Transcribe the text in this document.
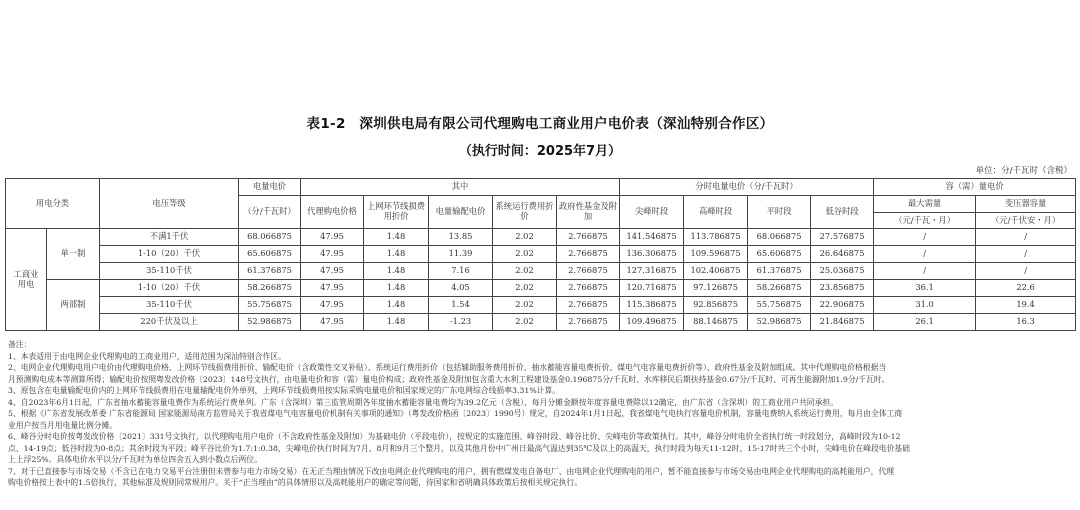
表1-2　深圳供电局有限公司代理购电工商业用户电价表（深汕特别合作区）
（执行时间：2025年7月）
单位：分/千瓦时（含税）
用电分类		电压等级	电量电价	其中					分时电量电价（分/千瓦时）				容（需）量电价	
			（分/千瓦时）	代理购电价格	上网环节线损费用折价	电量输配电价	系统运行费用折价	政府性基金及附加	尖峰时段	高峰时段	平时段	低谷时段	最大需量	变压器容量
													（元/千瓦・月）	（元/千伏安・月）
工商业用电	单一制	不满1千伏	68.066875	47.95	1.48	13.85	2.02	2.766875	141.546875	113.786875	68.066875	27.576875	/	/
		1-10（20）千伏	65.606875	47.95	1.48	11.39	2.02	2.766875	136.306875	109.596875	65.606875	26.646875	/	/
		35-110千伏	61.376875	47.95	1.48	7.16	2.02	2.766875	127.316875	102.406875	61.376875	25.036875	/	/
	两部制	1-10（20）千伏	58.266875	47.95	1.48	4.05	2.02	2.766875	120.716875	97.126875	58.266875	23.856875	36.1	22.6
		35-110千伏	55.756875	47.95	1.48	1.54	2.02	2.766875	115.386875	92.856875	55.756875	22.906875	31.0	19.4
		220千伏及以上	52.986875	47.95	1.48	-1.23	2.02	2.766875	109.496875	88.146875	52.986875	21.846875	26.1	16.3
备注：
1、本表适用于由电网企业代理购电的工商业用户，适用范围为深汕特别合作区。
2、电网企业代理购电用户电价由代理购电价格、上网环节线损费用折价、输配电价（含政策性交叉补贴）、系统运行费用折价（包括辅助服务费用折价、抽水蓄能容量电费折价、煤电气电容量电费折价等）、政府性基金及附加组成。其中代理购电价格根据当
月预测购电成本等测算所得；输配电价按照粤发改价格〔2023〕148号文执行，由电量电价和容（需）量电价构成；政府性基金及附加包含重大水利工程建设基金0.196875分/千瓦时、水库移民后期扶持基金0.67分/千瓦时、可再生能源附加1.9分/千瓦时。
3、原包含在电量输配电价内的上网环节线损费用在电量输配电价外单列，上网环节线损费用按实际采购电量电价和国家规定的广东电网综合线损率3.31%计算。
4、自2023年6月1日起，广东省抽水蓄能容量电费作为系统运行费单列。广东（含深圳）第三监管周期各年度抽水蓄能容量电费均为39.2亿元（含税），每月分摊金额按年度容量电费除以12确定，由广东省（含深圳）的工商业用户共同承担。
5、根据《广东省发展改革委 广东省能源局 国家能源局南方监管局关于我省煤电气电容量电价机制有关事项的通知》（粤发改价格函〔2023〕1990号）规定，自2024年1月1日起，我省煤电气电执行容量电价机制，容量电费纳入系统运行费用，每月由全体工商
业用户按当月用电量比例分摊。
6、峰谷分时电价按粤发改价格〔2021〕331号文执行，以代理购电用户电价（不含政府性基金及附加）为基础电价（平段电价），按规定的实施范围、峰谷时段、峰谷比价、尖峰电价等政策执行。其中，峰谷分时电价全省执行统一时段划分，高峰时段为10-12
点、14-19点；低谷时段为0-8点；其余时段为平段；峰平谷比价为1.7:1:0.38，尖峰电价执行时间为7月、8月和9月三个整月，以及其他月份中广州日最高气温达到35℃及以上的高温天，执行时段为每天11-12时、15-17时共三个小时，尖峰电价在峰段电价基础
上上浮25%。具体电价水平以分/千瓦时为单位四舍五入到小数点后两位。
7、对于已直接参与市场交易（不含已在电力交易平台注册但未曾参与电力市场交易）在无正当理由情况下改由电网企业代理购电的用户，拥有燃煤发电自备电厂、由电网企业代理购电的用户，暂不能直接参与市场交易由电网企业代理购电的高耗能用户，代理
购电价格按上表中的1.5倍执行，其他标准及规则同常规用户。关于“正当理由”的具体情形以及高耗能用户的确定等问题，待国家和省明确具体政策后按相关规定执行。
